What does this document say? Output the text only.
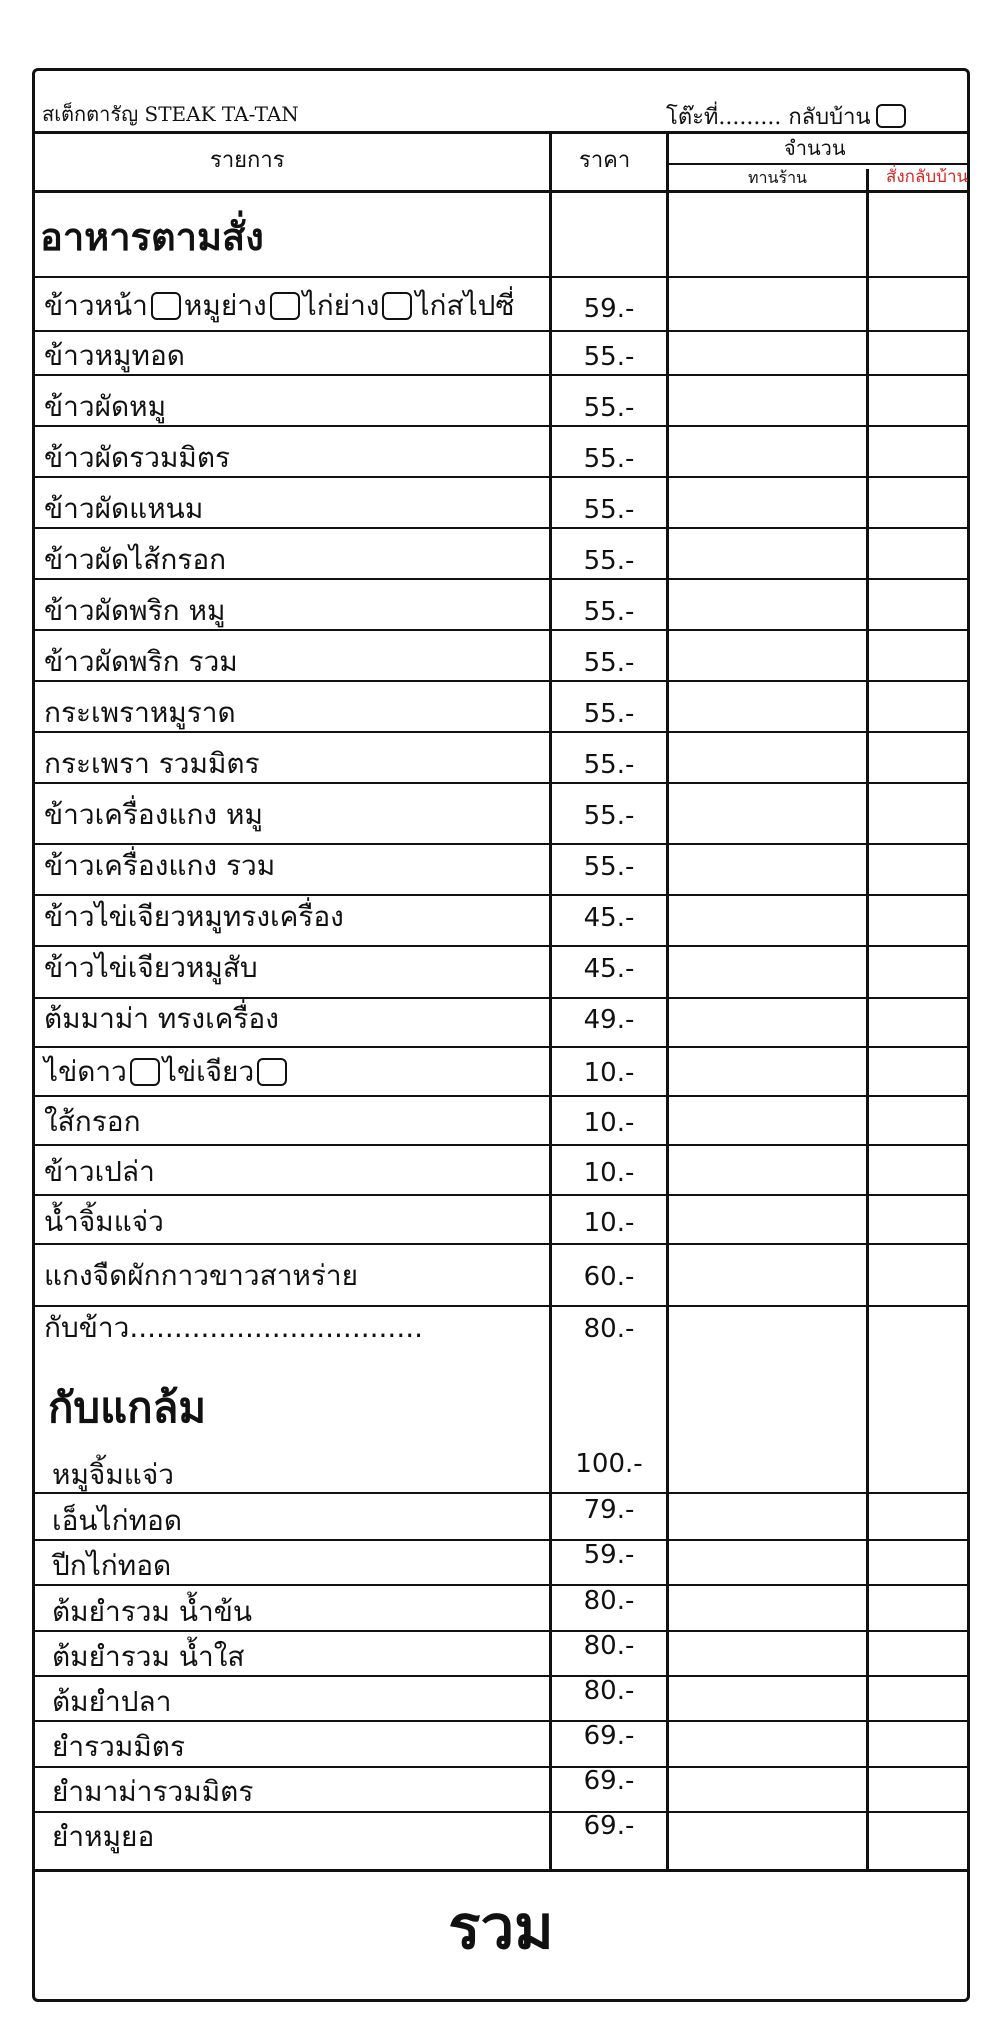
สเต็กตารัญ STEAK TA-TAN	โต๊ะที่......... กลับบ้าน
รายการ	ราคา	จำนวน
ทานร้าน	สั่งกลับบ้าน
อาหารตามสั่ง
ข้าวหน้า หมูย่าง ไก่ย่าง ไก่สไปซี่	59.-
ข้าวหมูทอด	55.-
ข้าวผัดหมู	55.-
ข้าวผัดรวมมิตร	55.-
ข้าวผัดแหนม	55.-
ข้าวผัดไส้กรอก	55.-
ข้าวผัดพริก หมู	55.-
ข้าวผัดพริก รวม	55.-
กระเพราหมูราด	55.-
กระเพรา รวมมิตร	55.-
ข้าวเครื่องแกง หมู	55.-
ข้าวเครื่องแกง รวม	55.-
ข้าวไข่เจียวหมูทรงเครื่อง	45.-
ข้าวไข่เจียวหมูสับ	45.-
ต้มมาม่า ทรงเครื่อง	49.-
ไข่ดาว ไข่เจียว	10.-
ใส้กรอก	10.-
ข้าวเปล่า	10.-
น้ำจิ้มแจ่ว	10.-
แกงจืดผักกาวขาวสาหร่าย	60.-
กับข้าว.................................	80.-
กับแกล้ม
หมูจิ้มแจ่ว	100.-
เอ็นไก่ทอด	79.-
ปีกไก่ทอด	59.-
ต้มยำรวม น้ำข้น	80.-
ต้มยำรวม น้ำใส	80.-
ต้มยำปลา	80.-
ยำรวมมิตร	69.-
ยำมาม่ารวมมิตร	69.-
ยำหมูยอ	69.-
รวม
